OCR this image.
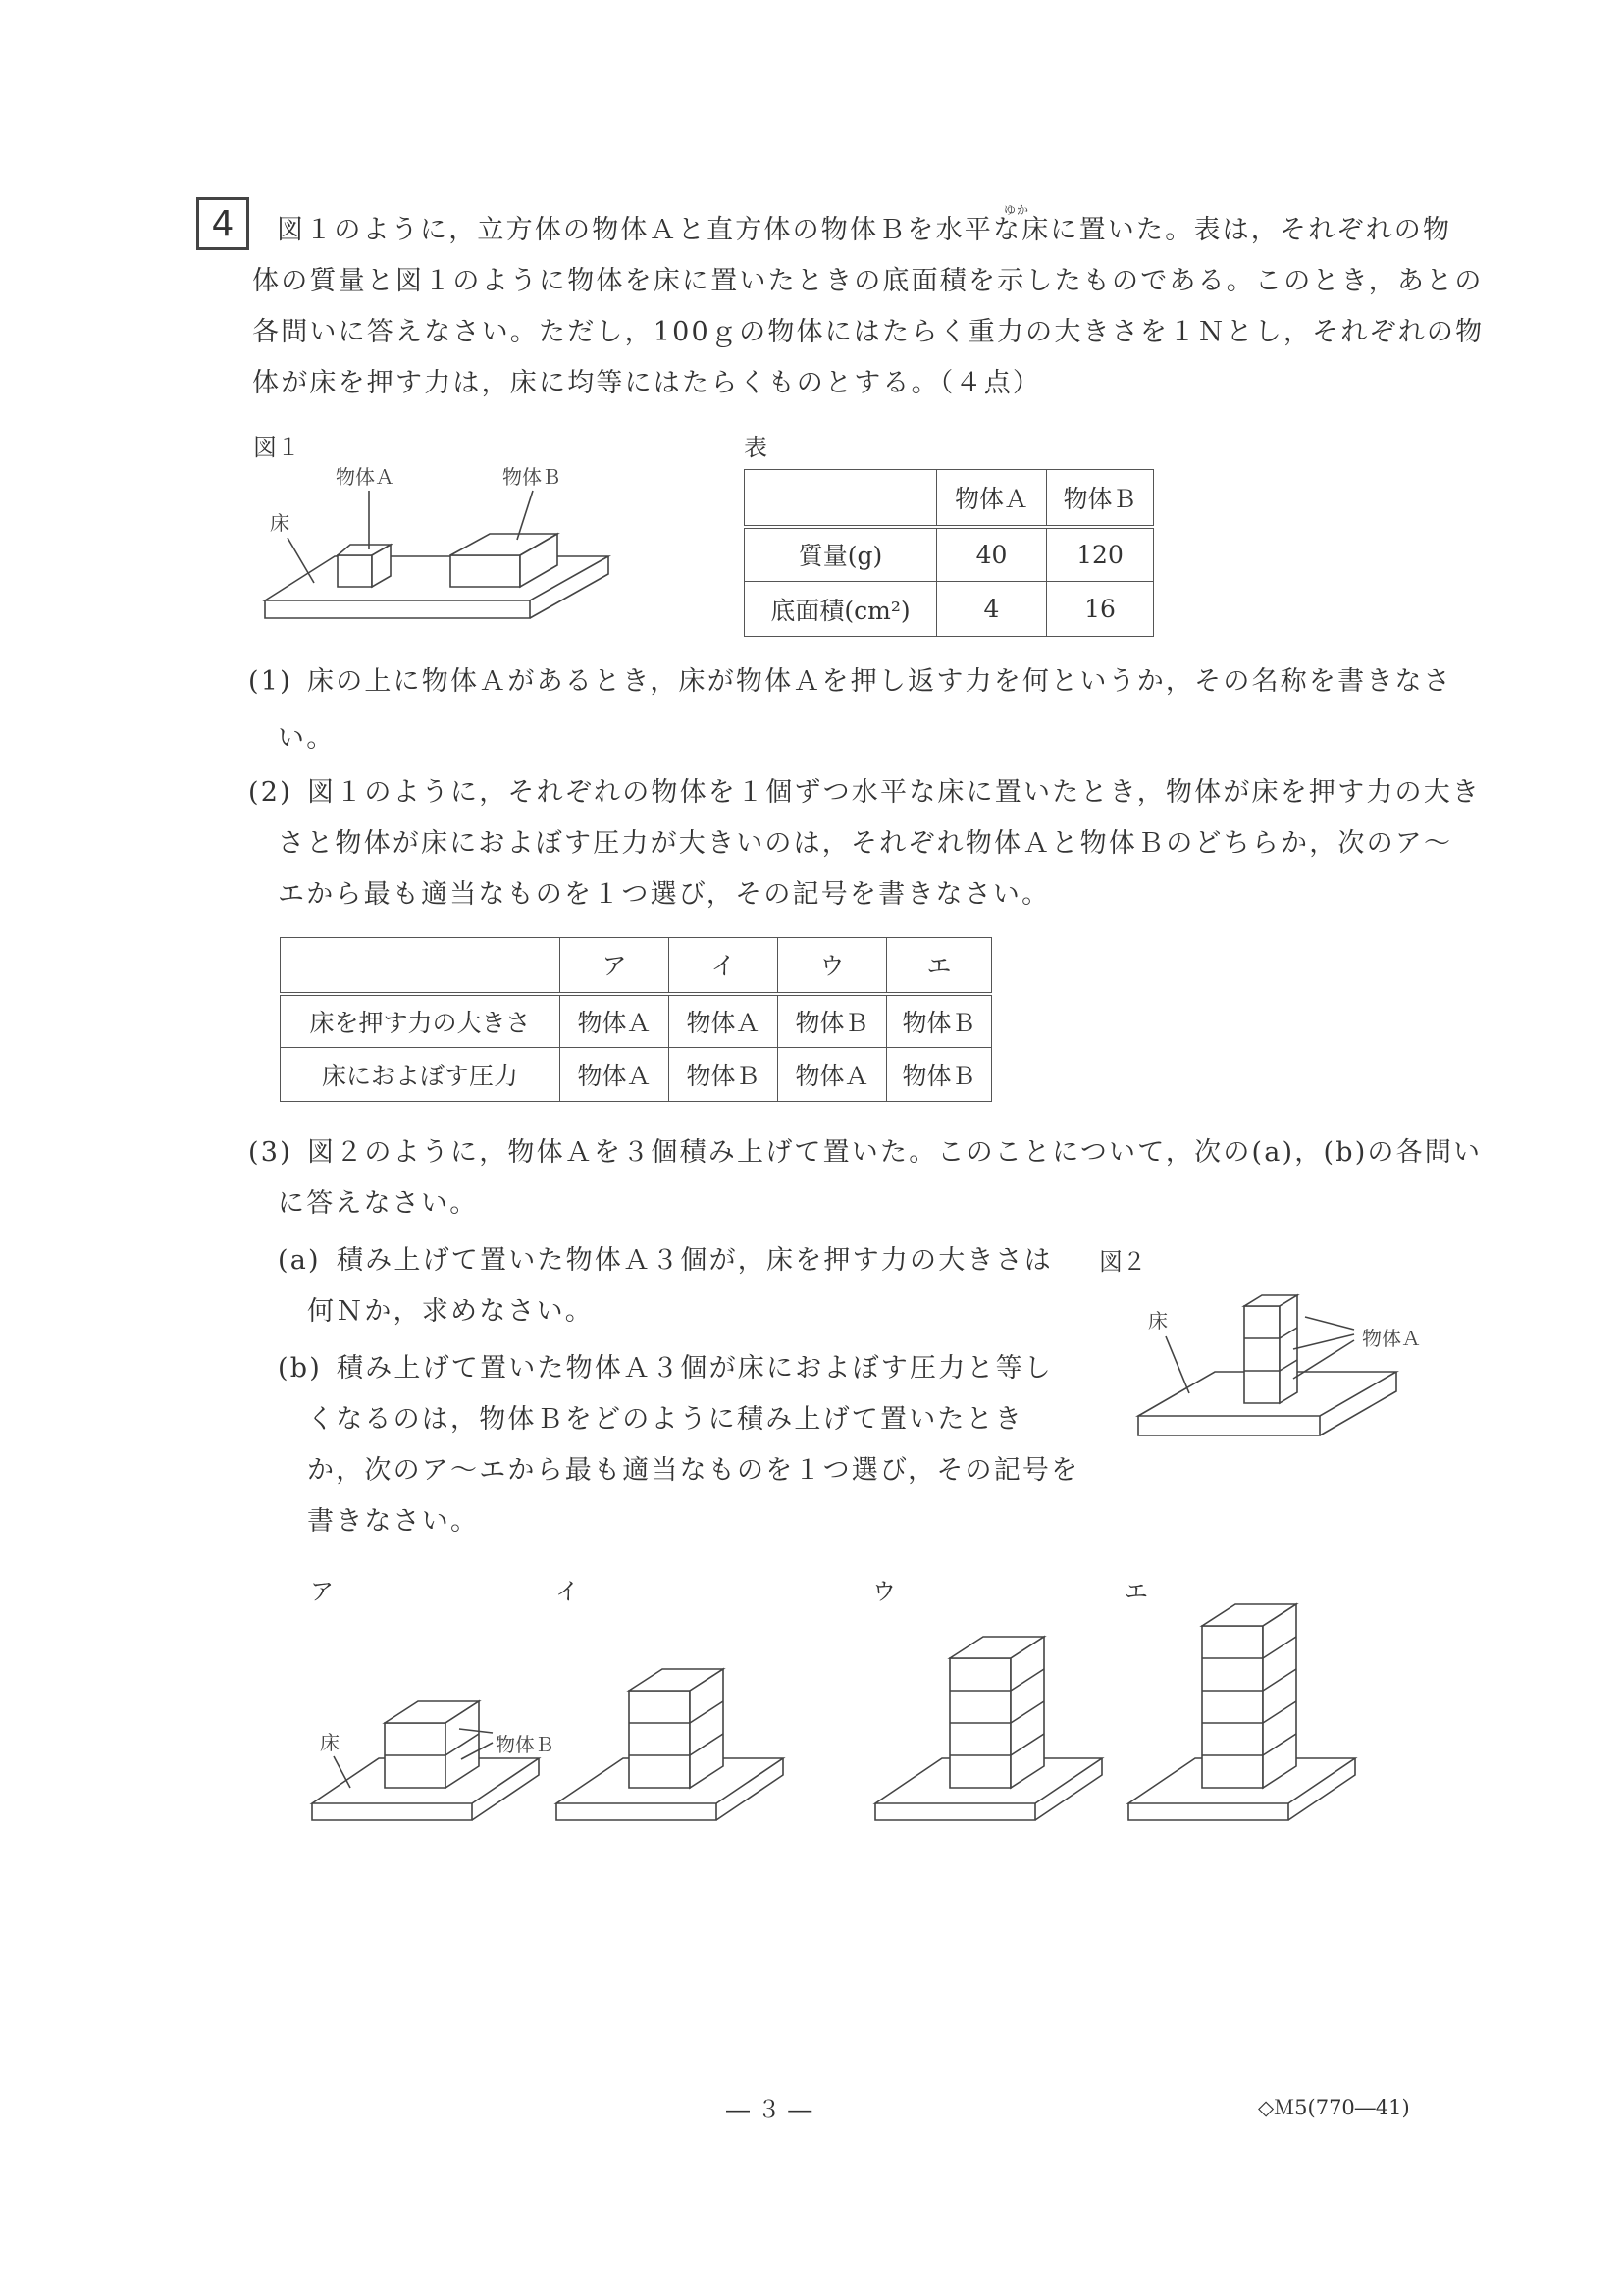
4	ゆか
図１のように，立方体の物体Ａと直方体の物体Ｂを水平な床に置いた。表は，それぞれの物
体の質量と図１のように物体を床に置いたときの底面積を示したものである。このとき，あとの
各問いに答えなさい。ただし，100ｇの物体にはたらく重力の大きさを１Ｎとし，それぞれの物
体が床を押す力は，床に均等にはたらくものとする。（４点）
図１
物体Ａ	物体Ｂ
床
表
	物体Ａ	物体Ｂ
質量(g)	40	120
底面積(cm²)	4	16
(1) 床の上に物体Ａがあるとき，床が物体Ａを押し返す力を何というか，その名称を書きなさ
い。
(2) 図１のように，それぞれの物体を１個ずつ水平な床に置いたとき，物体が床を押す力の大き
さと物体が床におよぼす圧力が大きいのは，それぞれ物体Ａと物体Ｂのどちらか，次のア～
エから最も適当なものを１つ選び，その記号を書きなさい。
	ア	イ	ウ	エ
床を押す力の大きさ	物体Ａ	物体Ａ	物体Ｂ	物体Ｂ
床におよぼす圧力	物体Ａ	物体Ｂ	物体Ａ	物体Ｂ
(3) 図２のように，物体Ａを３個積み上げて置いた。このことについて，次の(a)，(b)の各問い
に答えなさい。
(a) 積み上げて置いた物体Ａ３個が，床を押す力の大きさは
何Ｎか，求めなさい。
(b) 積み上げて置いた物体Ａ３個が床におよぼす圧力と等し
くなるのは，物体Ｂをどのように積み上げて置いたとき
か，次のア～エから最も適当なものを１つ選び，その記号を
書きなさい。
図２
床
物体Ａ
ア	イ	ウ	エ
床	物体Ｂ
― ３ ―	◇Ｍ5(770―41)
